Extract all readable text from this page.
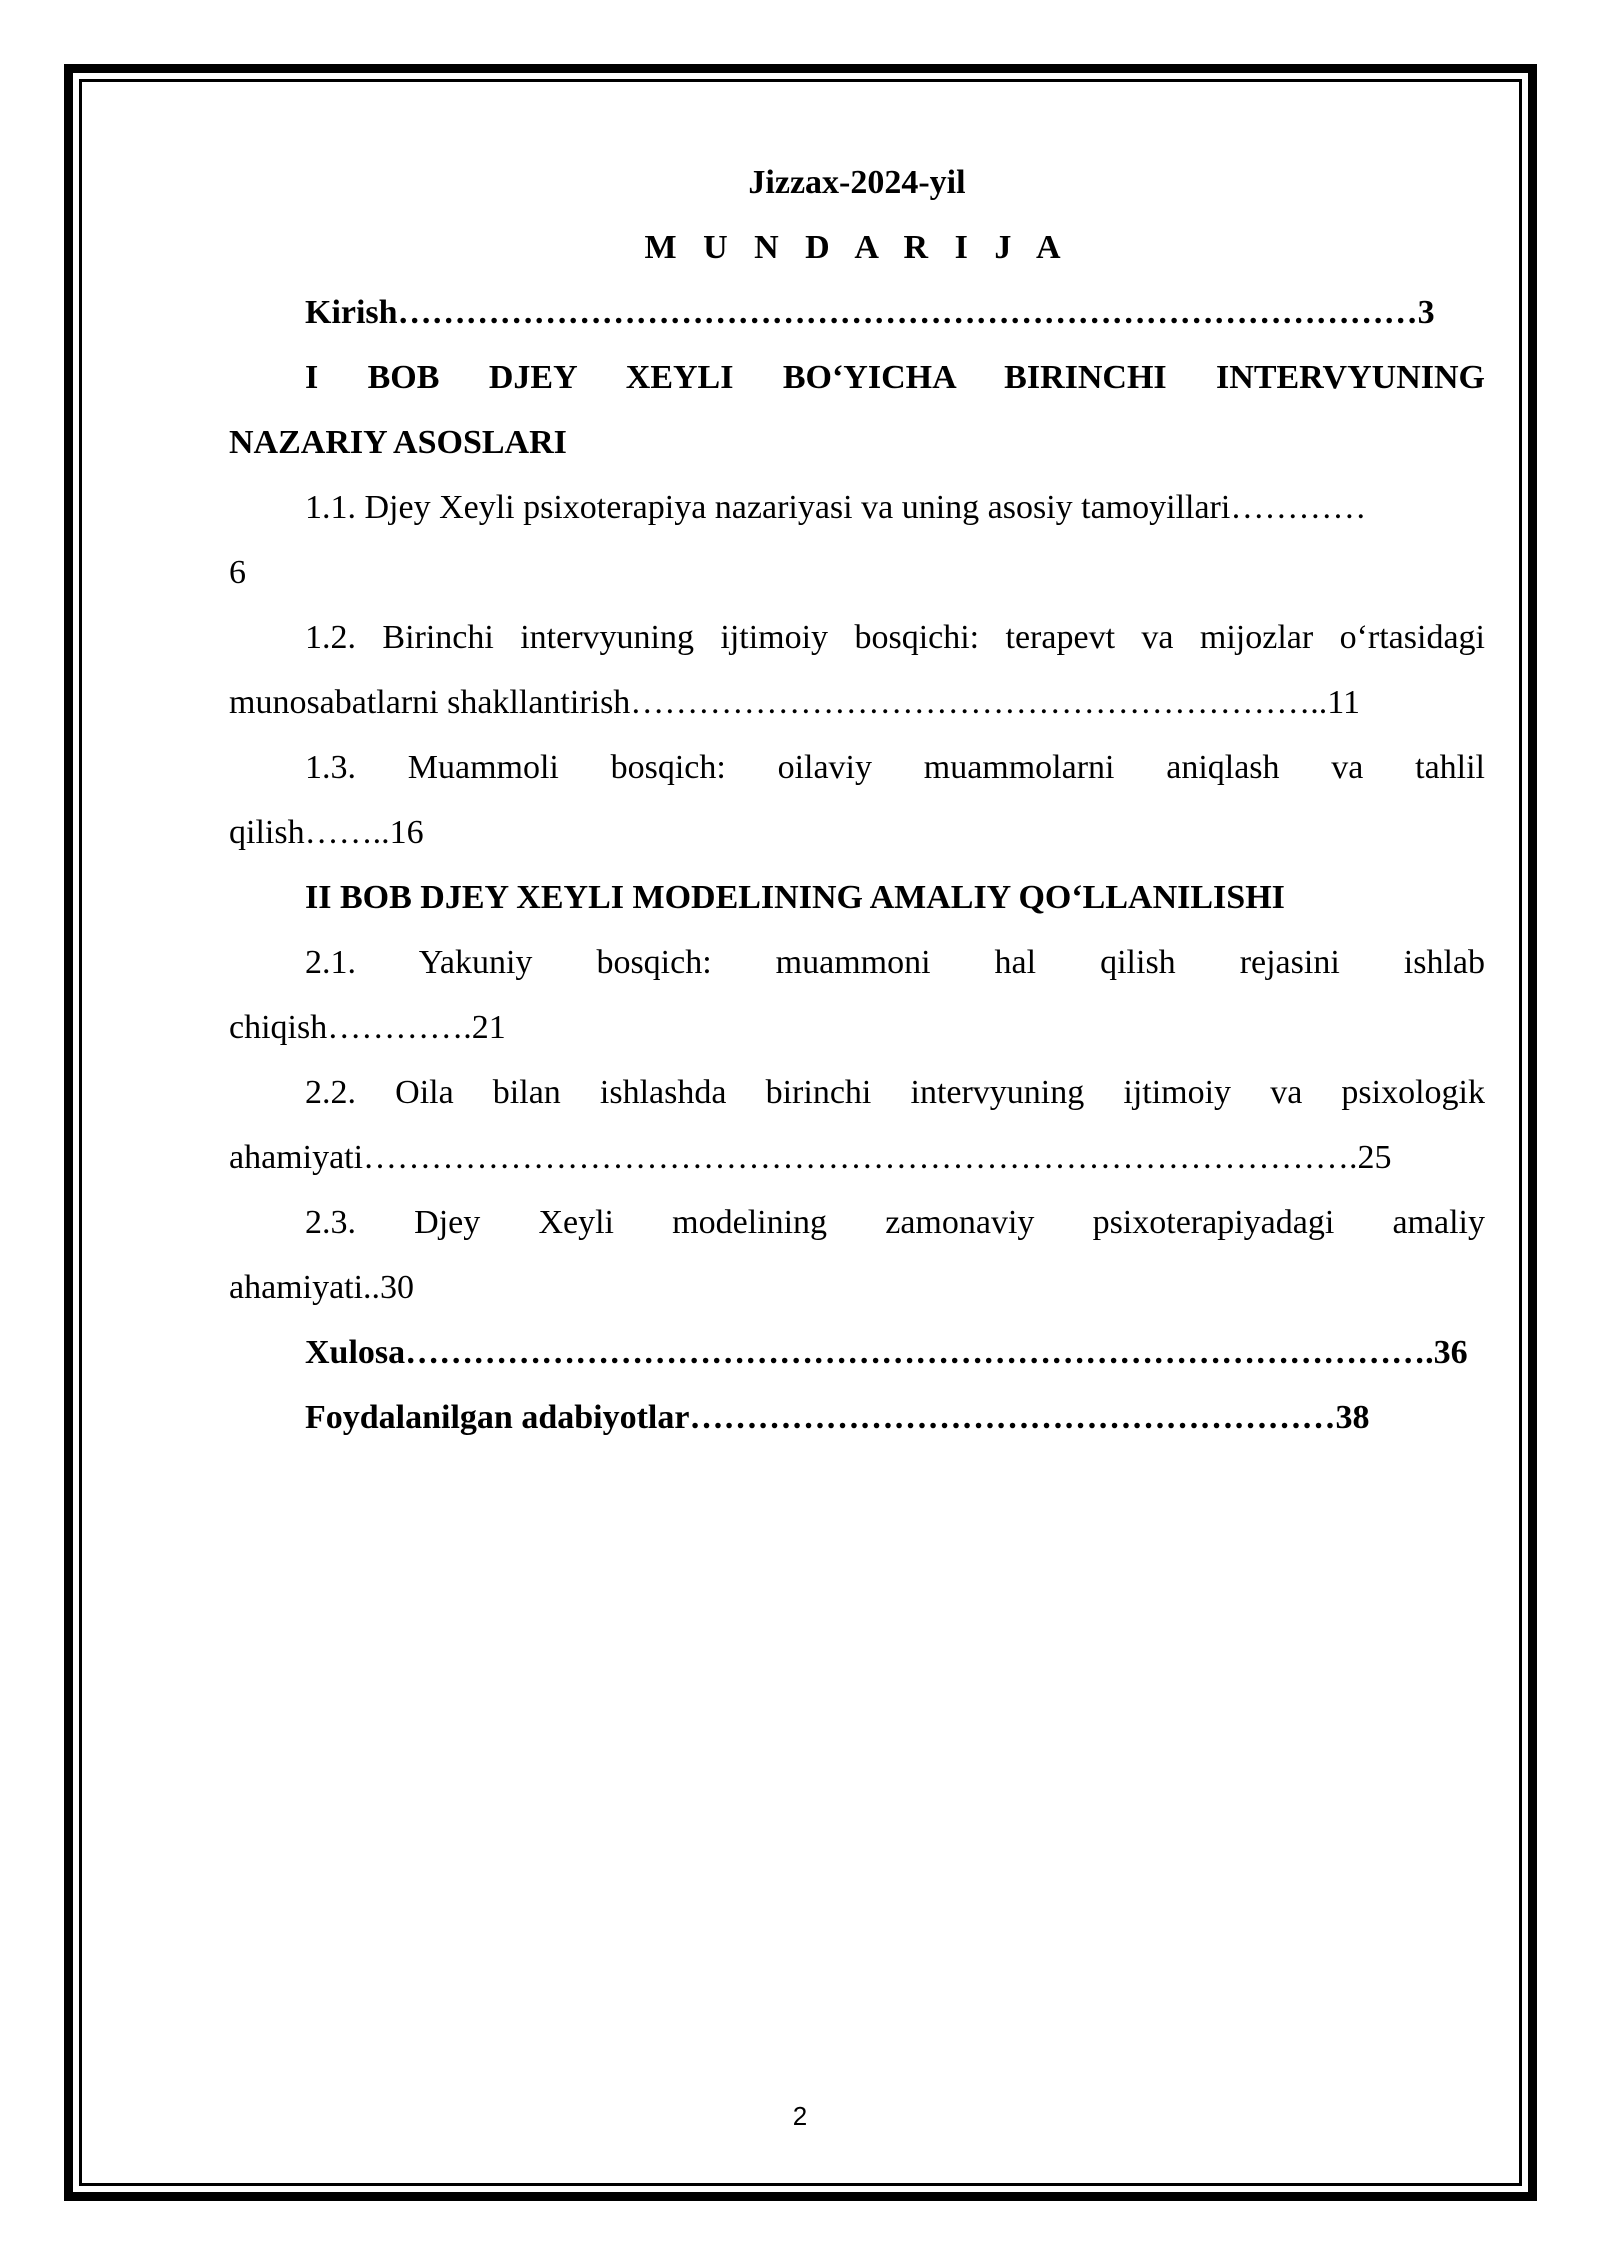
Jizzax-2024-yil

M U N D A R I J A

Kirish………………………………………………………………………………3

I BOB DJEY XEYLI BO‘YICHA BIRINCHI INTERVYUNING

NAZARIY ASOSLARI

1.1. Djey Xeyli psixoterapiya nazariyasi va uning asosiy tamoyillari…………

6

1.2. Birinchi intervyuning ijtimoiy bosqichi: terapevt va mijozlar o‘rtasidagi

munosabatlarni shakllantirish……………………………………………………..11

1.3. Muammoli bosqich: oilaviy muammolarni aniqlash va tahlil

qilish……..16

II BOB DJEY XEYLI MODELINING AMALIY QO‘LLANILISHI

2.1. Yakuniy bosqich: muammoni hal qilish rejasini ishlab

chiqish………….21

2.2. Oila bilan ishlashda birinchi intervyuning ijtimoiy va psixologik

ahamiyati…………………………………………………………………………….25

2.3. Djey Xeyli modelining zamonaviy psixoterapiyadagi amaliy

ahamiyati..30

Xulosa……………………………………………………………………………….36

Foydalanilgan adabiyotlar…………………………………………………38

2
